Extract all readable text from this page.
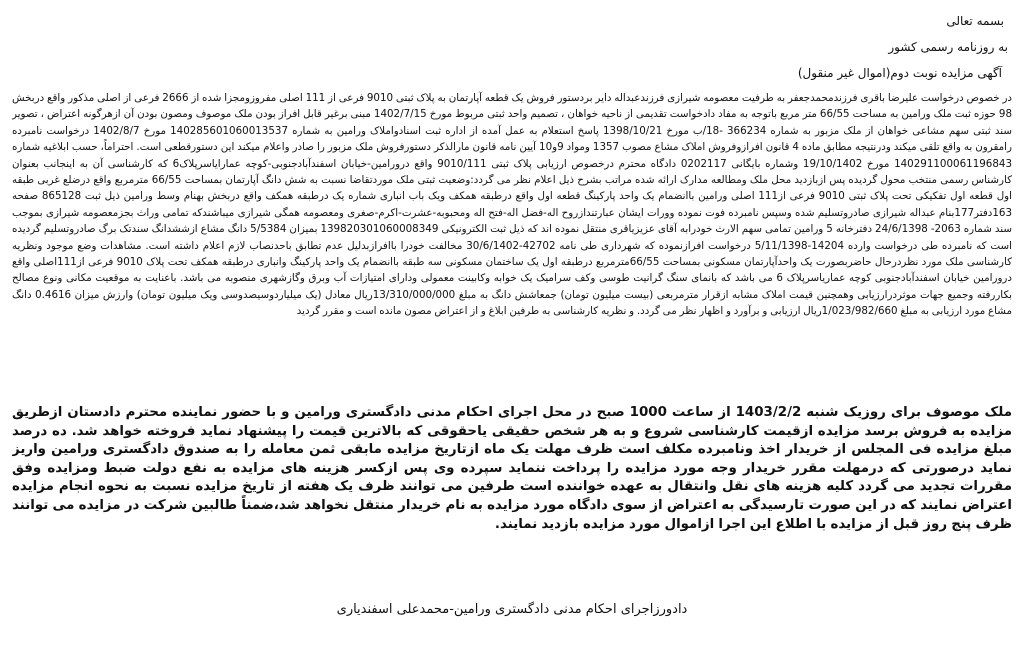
بسمه تعالی
به روزنامه رسمی کشور
آگهی مزایده نوبت دوم(اموال غیر منقول)
در خصوص درخواست علیرضا باقری فرزندمحمدجعفر به طرفیت معصومه شیرازی فرزندعبداله دایر بردستور فروش یک قطعه آپارتمان به پلاک ثبتی 9010 فرعی از 111 اصلی مفروزومجزا شده از 2666 فرعی از اصلی مذکور واقع دربخش 98 حوزه ثبت ملک ورامین به مساحت 66/55 متر مربع باتوجه به مفاد دادخواست تقدیمی از ناحیه خواهان ، تصمیم واحد ثبتی مربوط مورخ 1402/7/15 مبنی برغیر قابل افراز بودن ملک موصوف ومصون بودن آن ازهرگونه اعتراض ، تصویر سند ثبتی سهم مشاعی خواهان از ملک مزبور به شماره 366234 -18/ب مورخ 1398/10/21 پاسخ استعلام به عمل آمده از اداره ثبت اسنادواملاک ورامین به شماره 140285601060013537 مورخ 1402/8/7 درخواست نامبرده رامقرون به واقع تلقی میکند ودرنتیجه مطابق ماده 4 قانون افرازوفروش املاک مشاع مصوب 1357 ومواد 9و10 آیین نامه قانون مارالذکر دستورفروش ملک مزبور را صادر واعلام میکند این دستورقطعی است. احتراماً، حسب ابلاغیه شماره 140291100061196843 مورخ 19/10/1402 وشماره بایگانی 0202117 دادگاه محترم درخصوص ارزیابی پلاک ثبتی 9010/111 واقع درورامین-خیابان اسفندآبادجنوبی-کوچه عمارایاسرپلاک6 که کارشناسی آن به اینجانب بعنوان کارشناس رسمی منتخب محول گردیده پس ازبازدید محل ملک ومطالعه مدارک ارائه شده مراتب بشرح ذیل اعلام نظر می گردد:وضعیت ثبتی ملک موردتقاضا نسبت به شش دانگ آپارتمان بمساحت 66/55 مترمربع واقع درضلع غربی طبقه اول قطعه اول تفکیکی تحت پلاک ثبتی 9010 فرعی از111 اصلی ورامین باانضمام یک واحد پارکینگ قطعه اول واقع درطبقه همکف ویک باب انباری شماره یک درطبقه همکف واقع دربخش بهنام وسط ورامین ذیل ثبت 865128 صفحه 163دفتر177بنام عبداله شیرازی صادروتسلیم شده وسپس نامبرده فوت نموده وورات ایشان عبارتندازروح اله-فضل اله-فتح اله ومحبوبه-عشرت-اکرم-صغری ومعصومه همگی شیرازی میباشندکه تمامی وراث بجزمعصومه شیرازی بموجب سند شماره 2063- 24/6/1398 دفترخانه 5 ورامین تمامی سهم الارث خودرابه آقای عزیزیاقری منتقل نموده اند که ذیل ثبت الکترونیکی 139820301060008349 بمیزان 5/5384 دانگ مشاع ازششدانگ سندتک برگ صادروتسلیم گردیده است که نامبرده طی درخواست وارده 14204-5/11/1398 درخواست افرازنموده که شهرداری طی نامه 42702-30/6/1402 مخالفت خودرا باافرازبدلیل عدم تطابق باحدنصاب لازم اعلام داشته است. مشاهدات وضع موجود ونظریه کارشناسی ملک مورد نظردرحال حاضربصورت یک واحدآپارتمان مسکونی بمساحت 66/55مترمربع درطبقه اول یک ساختمان مسکونی سه طبقه باانضمام یک واحد پارکینگ وانباری درطبقه همکف تحت پلاک 9010 فرعی از111اصلی واقع درورامین خیابان اسفندآبادجنوبی کوچه عماریاسرپلاک 6 می باشد که بانمای سنگ گرانیت طوسی وکف سرامیک یک خوابه وکابینت معمولی ودارای امتیازات آب وبرق وگازشهری منصوبه می باشد. باعنایت به موقعیت مکانی ونوع مصالح بکاررفته وجمیع جهات موثردرارزیابی وهمچنین قیمت املاک مشابه ازقرار مترمربعی (بیست میلیون تومان) جمعاشش دانگ به مبلغ 13/310/000/000ریال معادل (یک میلیاردوسیصدوسی ویک میلیون تومان) وارزش میزان 0.4616 دانگ مشاع مورد ارزیابی به مبلغ 1/023/982/660ریال ارزیابی و برآورد و اظهار نظر می گردد. و نظریه کارشناسی به طرفین ابلاغ و از اعتراض مصون مانده است و مقرر گردید
ملک موصوف برای روزیک شنبه 1403/2/2 از ساعت 1000 صبح در محل اجرای احکام مدنی دادگستری ورامین و با حضور نماینده محترم دادستان ازطریق مزایده به فروش برسد مزایده ازقیمت کارشناسی شروع و به هر شخص حقیقی یاحقوقی که بالاترین قیمت را پیشنهاد نماید فروخته خواهد شد. ده درصد مبلغ مزایده فی المجلس از خریدار اخذ ونامبرده مکلف است ظرف مهلت یک ماه ازتاریخ مزایده مابقی ثمن معامله را به صندوق دادگستری ورامین واریز نماید درصورتی که درمهلت مقرر خریدار وجه مورد مزایده را پرداخت ننماید سپرده وی پس ازکسر هزینه های مزایده به نفع دولت ضبط ومزایده وفق مقررات تجدید می گردد کلیه هزینه های نقل وانتقال به عهده خواننده است طرفین می توانند ظرف یک هفته از تاریخ مزایده نسبت به نحوه انجام مزایده اعتراض نمایند که در این صورت تارسیدگی به اعتراض از سوی دادگاه مورد مزایده به نام خریدار منتقل نخواهد شد،ضمناً طالبین شرکت در مزایده می توانند ظرف پنج روز قبل از مزایده با اطلاع این اجرا ازاموال مورد مزایده بازدید نمایند.
دادورزاجرای احکام مدنی دادگستری ورامین-محمدعلی اسفندیاری
